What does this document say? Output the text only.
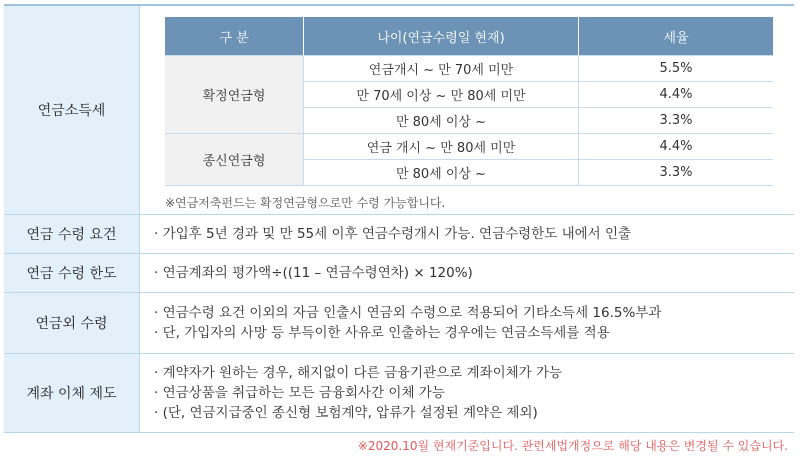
연금소득세
구 분	나이(연금수령일 현재)	세율
확정연금형	연금개시 ~ 만 70세 미만	5.5%
	만 70세 이상 ~ 만 80세 미만	4.4%
	만 80세 이상 ~	3.3%
종신연금형	연금 개시 ~ 만 80세 미만	4.4%
	만 80세 이상 ~	3.3%
※연금저축펀드는 확정연금형으로만 수령 가능합니다.
연금 수령 요건	· 가입후 5년 경과 및 만 55세 이후 연금수령개시 가능. 연금수령한도 내에서 인출
연금 수령 한도	· 연금계좌의 평가액÷((11 – 연금수령연차) × 120%)
연금외 수령
· 연금수령 요건 이외의 자금 인출시 연금외 수령으로 적용되어 기타소득세 16.5%부과
· 단, 가입자의 사망 등 부득이한 사유로 인출하는 경우에는 연금소득세를 적용
계좌 이체 제도
· 계약자가 원하는 경우, 해지없이 다른 금융기관으로 계좌이체가 가능
· 연금상품을 취급하는 모든 금융회사간 이체 가능
· (단, 연금지급중인 종신형 보험계약, 압류가 설정된 계약은 제외)
※2020.10월 현재기준입니다. 관련세법개정으로 해당 내용은 변경될 수 있습니다.
